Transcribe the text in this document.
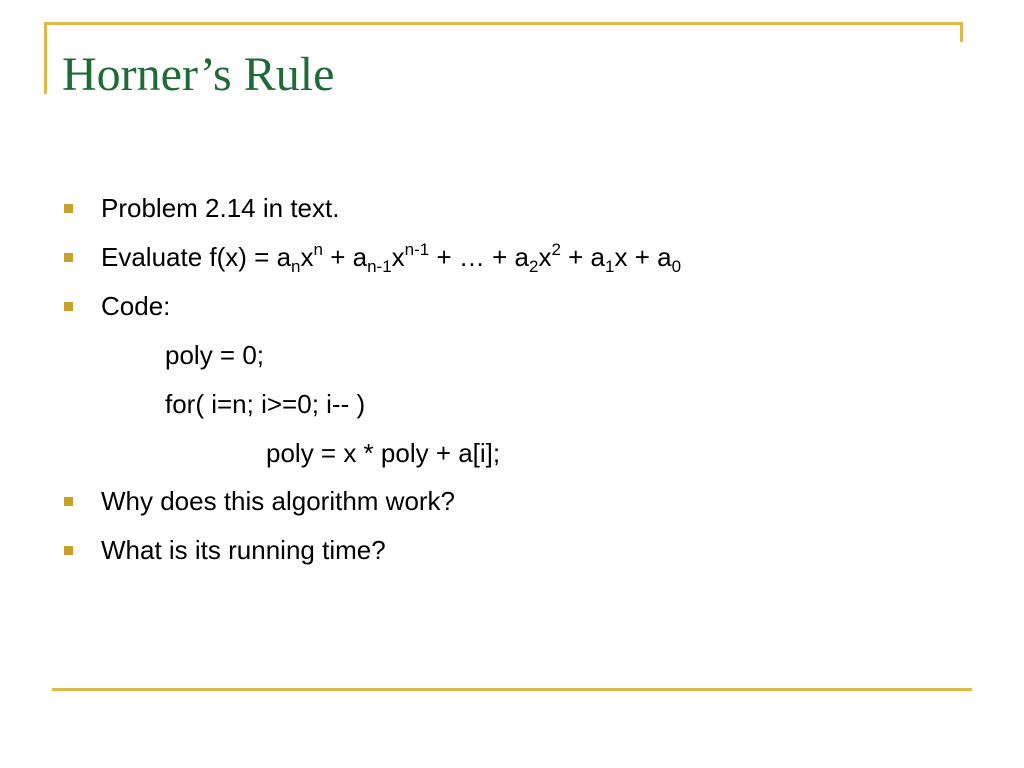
Horner’s Rule
Problem 2.14 in text.
Evaluate $f(x) = a_nx^n + a_{n-1}x^{n-1}$ + … + $a_2x^2 + a_1x + a_0$
Code:
poly = 0;
for( i=n; i>=0; i-- )
poly = x * poly + a[i];
Why does this algorithm work?
What is its running time?
